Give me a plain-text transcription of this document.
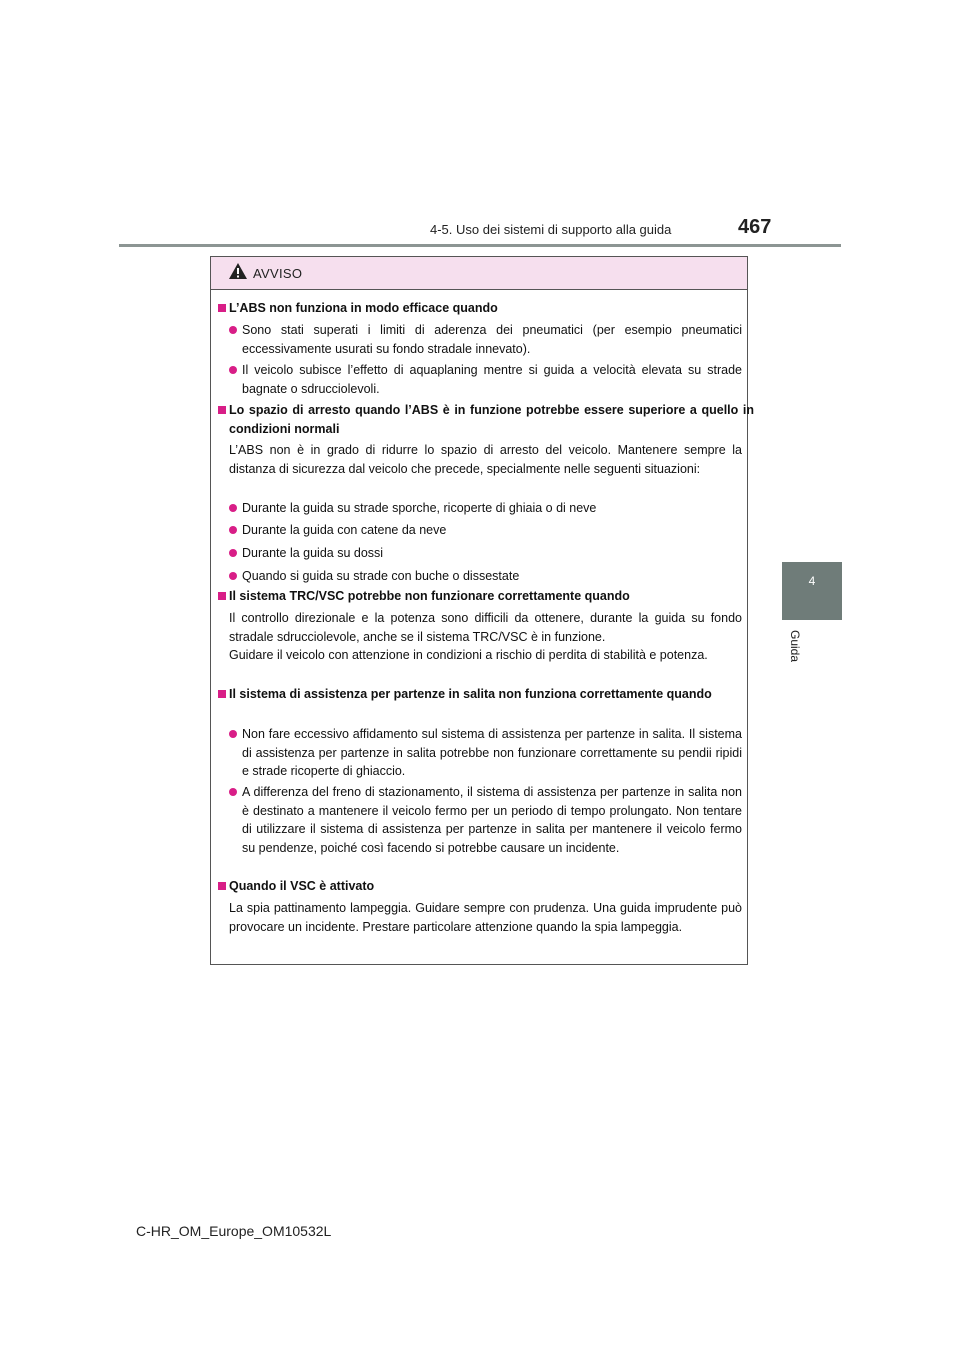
4-5. Uso dei sistemi di supporto alla guida	467
4
Guida
AVVISO
L’ABS non funziona in modo efficace quando
Sono stati superati i limiti di aderenza dei pneumatici (per esempio pneumatici eccessivamente usurati su fondo stradale innevato).
Il veicolo subisce l’effetto di aquaplaning mentre si guida a velocità elevata su strade bagnate o sdrucciolevoli.
Lo spazio di arresto quando l’ABS è in funzione potrebbe essere superiore a quello in condizioni normali
L’ABS non è in grado di ridurre lo spazio di arresto del veicolo. Mantenere sempre la distanza di sicurezza dal veicolo che precede, specialmente nelle seguenti situazioni:
Durante la guida su strade sporche, ricoperte di ghiaia o di neve
Durante la guida con catene da neve
Durante la guida su dossi
Quando si guida su strade con buche o dissestate
Il sistema TRC/VSC potrebbe non funzionare correttamente quando
Il controllo direzionale e la potenza sono difficili da ottenere, durante la guida su fondo stradale sdrucciolevole, anche se il sistema TRC/VSC è in funzione.
Guidare il veicolo con attenzione in condizioni a rischio di perdita di stabilità e potenza.
Il sistema di assistenza per partenze in salita non funziona correttamente quando
Non fare eccessivo affidamento sul sistema di assistenza per partenze in salita. Il sistema di assistenza per partenze in salita potrebbe non funzionare correttamente su pendii ripidi e strade ricoperte di ghiaccio.
A differenza del freno di stazionamento, il sistema di assistenza per partenze in salita non è destinato a mantenere il veicolo fermo per un periodo di tempo prolungato. Non tentare di utilizzare il sistema di assistenza per partenze in salita per mantenere il veicolo fermo su pendenze, poiché così facendo si potrebbe causare un incidente.
Quando il VSC è attivato
La spia pattinamento lampeggia. Guidare sempre con prudenza. Una guida imprudente può provocare un incidente. Prestare particolare attenzione quando la spia lampeggia.
C-HR_OM_Europe_OM10532L
